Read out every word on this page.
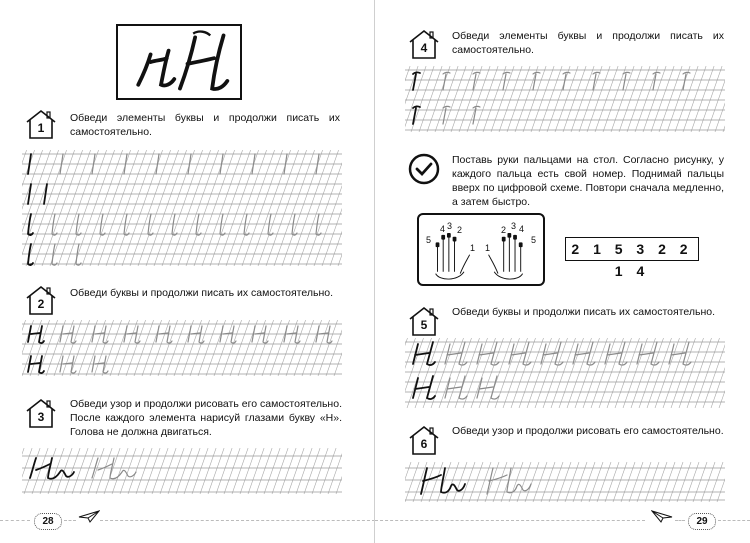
1
Обведи элементы буквы и продолжи писать их самостоятельно.
2
Обведи буквы и продолжи писать их самостоятельно.
3
Обведи узор и продолжи рисовать его самостоятельно. После каждого элемента нарисуй глазами букву «Н». Голова не должна двигаться.
28
4
Обведи элементы буквы и продолжи писать их самостоятельно.
Поставь руки пальцами на стол. Согласно рисунку, у каждого пальца есть свой номер. Поднимай пальцы вверх по цифровой схеме. Повтори сначала медленно, а затем быстро.
5
4 3 2
1 1
2 3 4
5
2 1 5 3 2 2 1 4
5
Обведи буквы и продолжи писать их самостоятельно.
6
Обведи узор и продолжи рисовать его самостоятельно.
29
